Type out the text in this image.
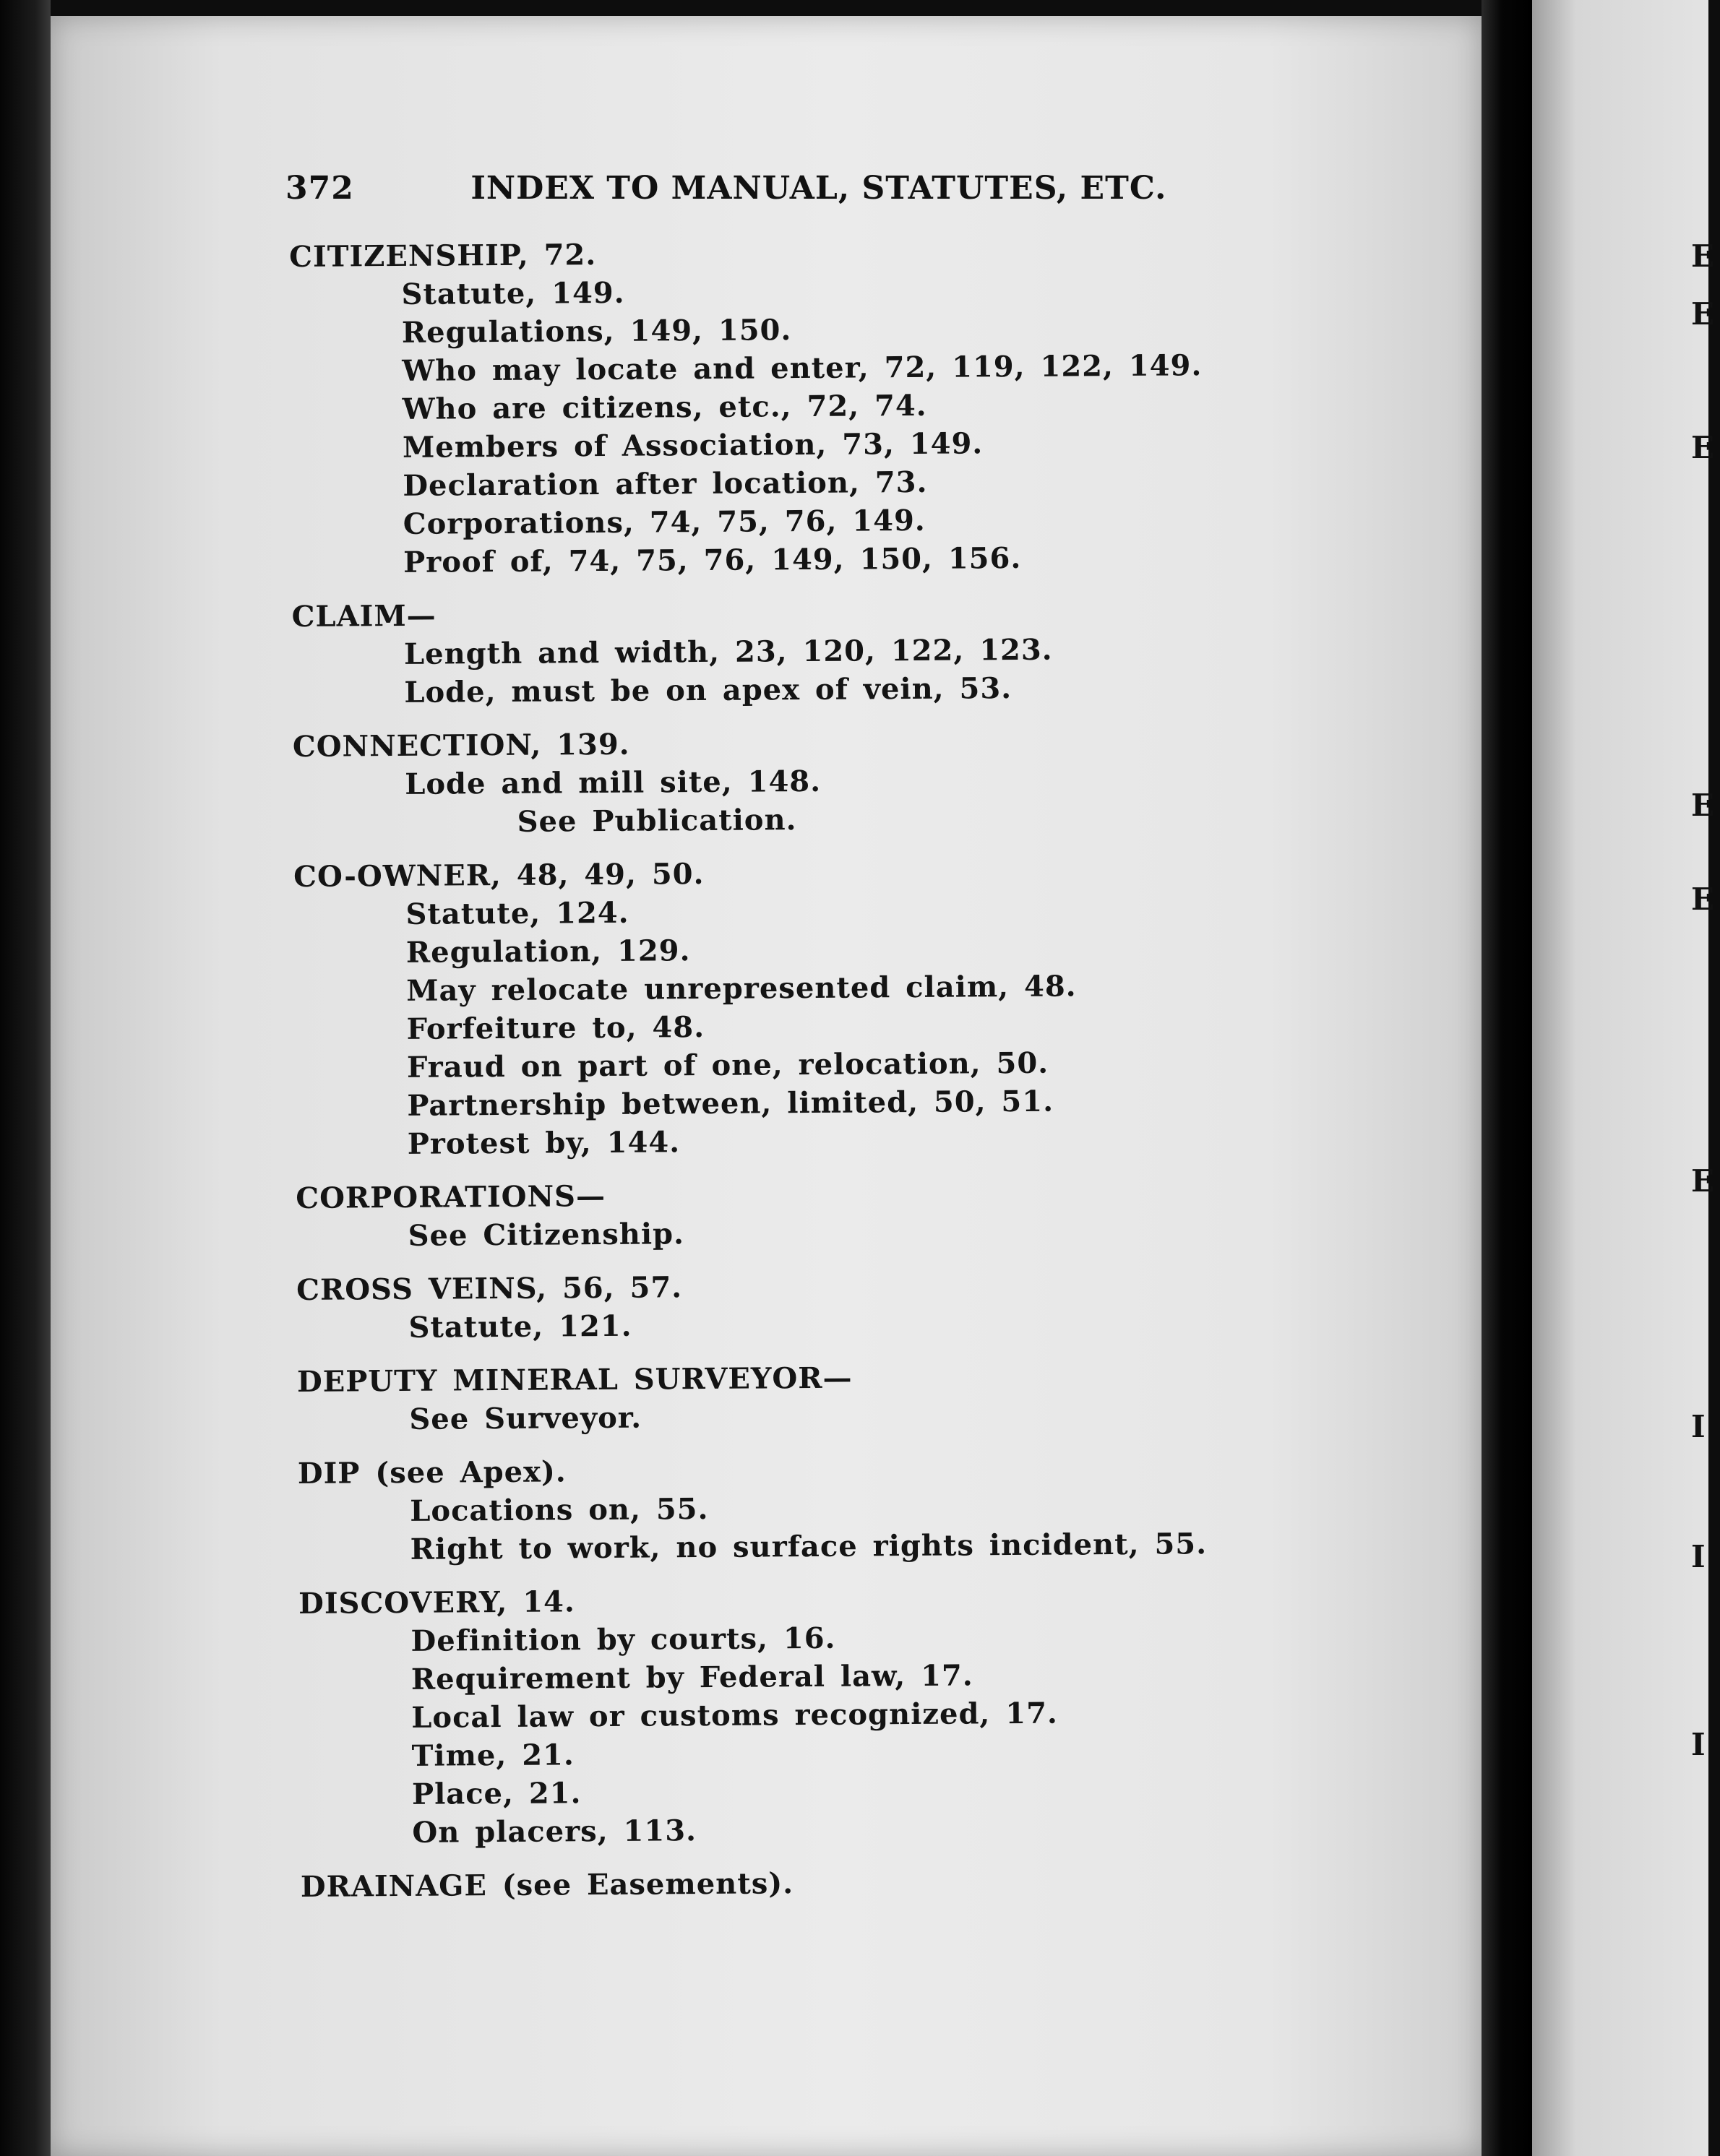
372	INDEX TO MANUAL, STATUTES, ETC.
CITIZENSHIP, 72.
Statute, 149.
Regulations, 149, 150.
Who may locate and enter, 72, 119, 122, 149.
Who are citizens, etc., 72, 74.
Members of Association, 73, 149.
Declaration after location, 73.
Corporations, 74, 75, 76, 149.
Proof of, 74, 75, 76, 149, 150, 156.
CLAIM—
Length and width, 23, 120, 122, 123.
Lode, must be on apex of vein, 53.
CONNECTION, 139.
Lode and mill site, 148.
See Publication.
CO-OWNER, 48, 49, 50.
Statute, 124.
Regulation, 129.
May relocate unrepresented claim, 48.
Forfeiture to, 48.
Fraud on part of one, relocation, 50.
Partnership between, limited, 50, 51.
Protest by, 144.
CORPORATIONS—
See Citizenship.
CROSS VEINS, 56, 57.
Statute, 121.
DEPUTY MINERAL SURVEYOR—
See Surveyor.
DIP (see Apex).
Locations on, 55.
Right to work, no surface rights incident, 55.
DISCOVERY, 14.
Definition by courts, 16.
Requirement by Federal law, 17.
Local law or customs recognized, 17.
Time, 21.
Place, 21.
On placers, 113.
DRAINAGE (see Easements).
E
E
E
E
E
E
I
I
I
